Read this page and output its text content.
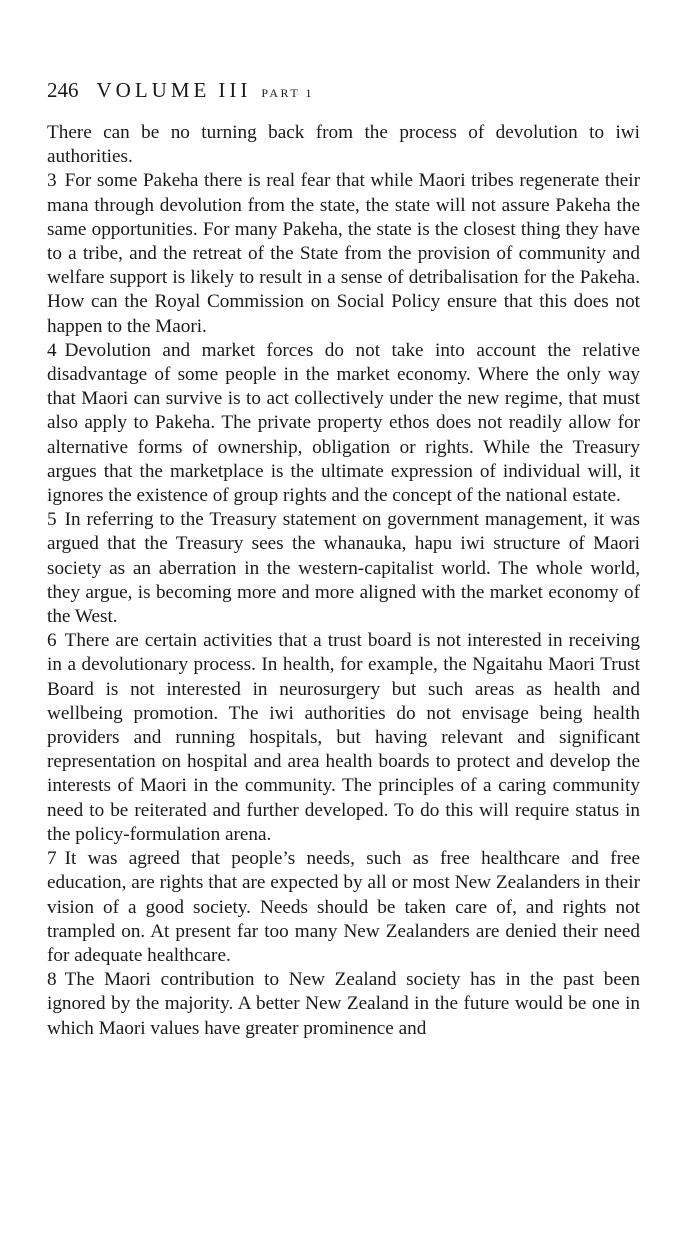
246 VOLUME III PART 1

There can be no turning back from the process of devolution to iwi authorities.

3 For some Pakeha there is real fear that while Maori tribes regenerate their mana through devolution from the state, the state will not assure Pakeha the same opportunities. For many Pakeha, the state is the closest thing they have to a tribe, and the retreat of the State from the provision of community and welfare support is likely to result in a sense of detribalisation for the Pakeha. How can the Royal Commission on Social Policy ensure that this does not happen to the Maori.

4 Devolution and market forces do not take into account the relative disadvantage of some people in the market economy. Where the only way that Maori can survive is to act collectively under the new regime, that must also apply to Pakeha. The private property ethos does not readily allow for alternative forms of ownership, obligation or rights. While the Treasury argues that the marketplace is the ultimate expression of individual will, it ignores the existence of group rights and the concept of the national estate.

5 In referring to the Treasury statement on government management, it was argued that the Treasury sees the whanauka, hapu iwi structure of Maori society as an aberration in the western-capitalist world. The whole world, they argue, is becoming more and more aligned with the market economy of the West.

6 There are certain activities that a trust board is not interested in receiving in a devolutionary process. In health, for example, the Ngaitahu Maori Trust Board is not interested in neurosurgery but such areas as health and wellbeing promotion. The iwi authorities do not envisage being health providers and running hospitals, but having relevant and significant representation on hospital and area health boards to protect and develop the interests of Maori in the community. The principles of a caring community need to be reiterated and further developed. To do this will require status in the policy-formulation arena.

7 It was agreed that people’s needs, such as free healthcare and free education, are rights that are expected by all or most New Zealanders in their vision of a good society. Needs should be taken care of, and rights not trampled on. At present far too many New Zealanders are denied their need for adequate healthcare.

8 The Maori contribution to New Zealand society has in the past been ignored by the majority. A better New Zealand in the future would be one in which Maori values have greater prominence and
